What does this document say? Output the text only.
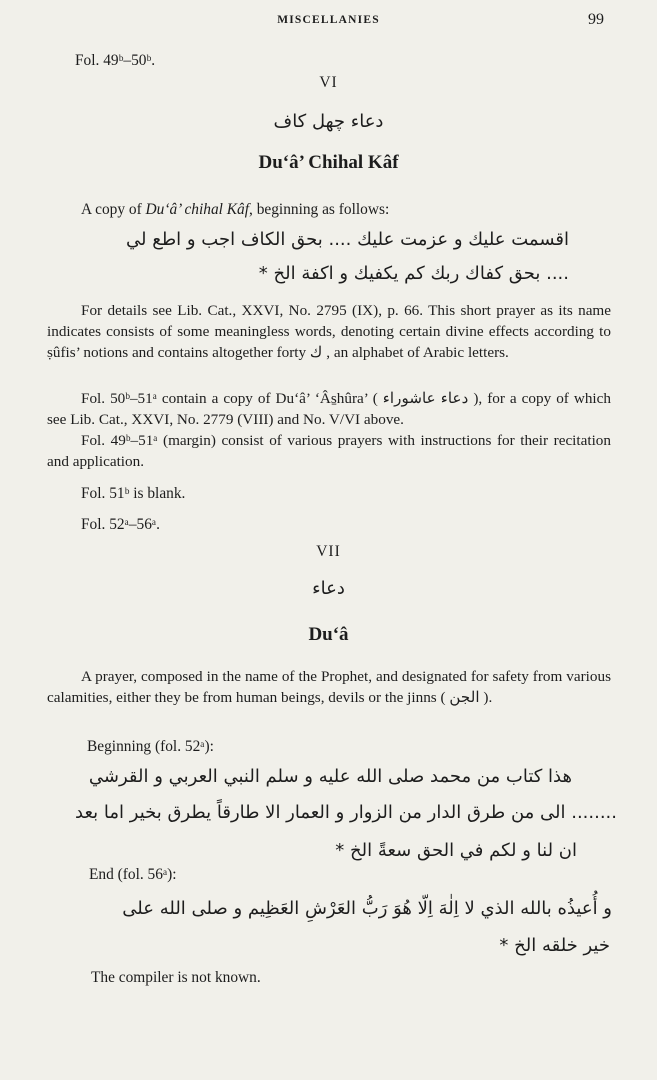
MISCELLANIES	99
Fol. 49ᵇ–50ᵇ.
VI
دعاء چهل کاف
Du‘â’ Chihal Kâf
A copy of Du‘â’ chihal Kâf, beginning as follows:
اقسمت عليك و عزمت عليك .... بحق الكاف اجب و اطع لي
.... بحق كفاك ربك كم يكفيك و اكفة الخ *

For details see Lib. Cat., XXVI, No. 2795 (IX), p. 66. This short prayer as its name indicates consists of some meaningless words, denoting certain divine effects according to ṣûfis’ notions and contains altogether forty ك , an alphabet of Arabic letters.

Fol. 50ᵇ–51ᵃ contain a copy of Du‘â’ ‘Âs̱hûra’ ( دعاء عاشوراء ), for a copy of which see Lib. Cat., XXVI, No. 2779 (VIII) and No. V/VI above.

Fol. 49ᵇ–51ᵃ (margin) consist of various prayers with instructions for their recitation and application.

Fol. 51ᵇ is blank.
Fol. 52ᵃ–56ᵃ.
VII
دعاء
Du‘â

A prayer, composed in the name of the Prophet, and designated for safety from various calamities, either they be from human beings, devils or the jinns ( الجن ).

Beginning (fol. 52ᵃ):
هذا كتاب من محمد صلى الله عليه و سلم النبي العربي و القرشي
........ الى من طرق الدار من الزوار و العمار الا طارقاً يطرق بخير اما بعد
ان لنا و لكم في الحق سعةً الخ *
End (fol. 56ᵃ):
و أُعيذُه بالله الذي لا اِلٰهَ اِلّا هُوَ رَبُّ العَرْشِ العَظِيم و صلى الله على
خير خلقه الخ *
The compiler is not known.
